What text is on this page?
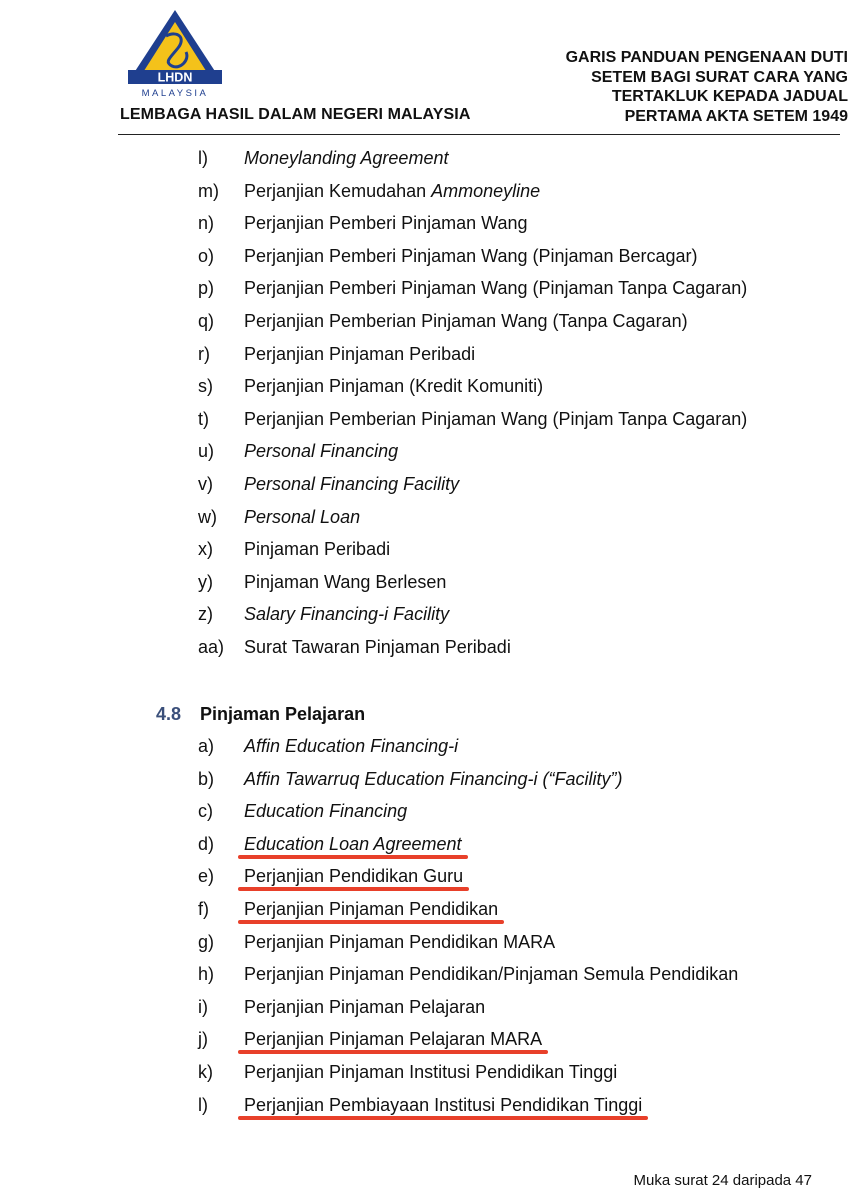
LHDN
MALAYSIA
LEMBAGA HASIL DALAM NEGERI MALAYSIA
GARIS PANDUAN PENGENAAN DUTI
SETEM BAGI SURAT CARA YANG
TERTAKLUK KEPADA JADUAL
PERTAMA AKTA SETEM 1949
l) Moneylanding Agreement
m) Perjanjian Kemudahan Ammoneyline
n) Perjanjian Pemberi Pinjaman Wang
o) Perjanjian Pemberi Pinjaman Wang (Pinjaman Bercagar)
p) Perjanjian Pemberi Pinjaman Wang (Pinjaman Tanpa Cagaran)
q) Perjanjian Pemberian Pinjaman Wang (Tanpa Cagaran)
r) Perjanjian Pinjaman Peribadi
s) Perjanjian Pinjaman (Kredit Komuniti)
t) Perjanjian Pemberian Pinjaman Wang (Pinjam Tanpa Cagaran)
u) Personal Financing
v) Personal Financing Facility
w) Personal Loan
x) Pinjaman Peribadi
y) Pinjaman Wang Berlesen
z) Salary Financing-i Facility
aa) Surat Tawaran Pinjaman Peribadi
4.8 Pinjaman Pelajaran
a) Affin Education Financing-i
b) Affin Tawarruq Education Financing-i (“Facility”)
c) Education Financing
d) Education Loan Agreement
e) Perjanjian Pendidikan Guru
f) Perjanjian Pinjaman Pendidikan
g) Perjanjian Pinjaman Pendidikan MARA
h) Perjanjian Pinjaman Pendidikan/Pinjaman Semula Pendidikan
i) Perjanjian Pinjaman Pelajaran
j) Perjanjian Pinjaman Pelajaran MARA
k) Perjanjian Pinjaman Institusi Pendidikan Tinggi
l) Perjanjian Pembiayaan Institusi Pendidikan Tinggi
Muka surat 24 daripada 47
